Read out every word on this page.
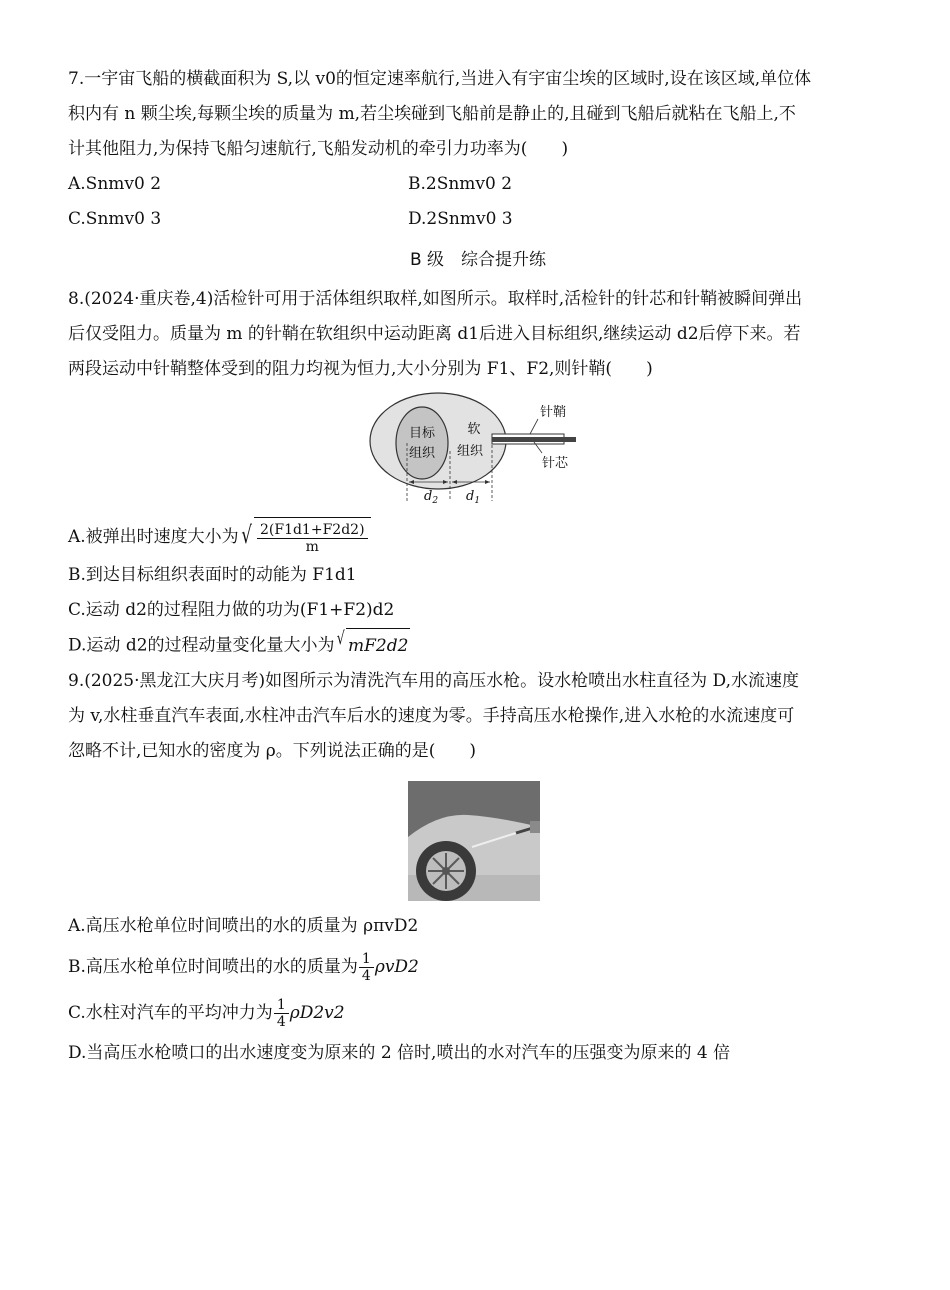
7.一宇宙飞船的横截面积为 S,以 v0的恒定速率航行,当进入有宇宙尘埃的区域时,设在该区域,单位体

积内有 n 颗尘埃,每颗尘埃的质量为 m,若尘埃碰到飞船前是静止的,且碰到飞船后就粘在飞船上,不

计其他阻力,为保持飞船匀速航行,飞船发动机的牵引力功率为(　　)

A.Snmv0 2	B.2Snmv0 2
C.Snmv0 3	D.2Snmv0 3
B 级　综合提升练

8.(2024·重庆卷,4)活检针可用于活体组织取样,如图所示。取样时,活检针的针芯和针鞘被瞬间弹出

后仅受阻力。质量为 m 的针鞘在软组织中运动距离 d1后进入目标组织,继续运动 d2后停下来。若

两段运动中针鞘整体受到的阻力均视为恒力,大小分别为 F1、F2,则针鞘(　　)

目标
组织
软
组织
针鞘
针芯
$d_2$ $d_1$

A.被弹出时速度大小为 √ $\frac{2(F1d1+F2d2)}{m}$

B.到达目标组织表面时的动能为 F1d1

C.运动 d2的过程阻力做的功为(F1+F2)d2

D.运动 d2的过程动量变化量大小为 √ mF2d2

9.(2025·黑龙江大庆月考)如图所示为清洗汽车用的高压水枪。设水枪喷出水柱直径为 D,水流速度

为 v,水柱垂直汽车表面,水柱冲击汽车后水的速度为零。手持高压水枪操作,进入水枪的水流速度可

忽略不计,已知水的密度为 ρ。下列说法正确的是(　　)

A.高压水枪单位时间喷出的水的质量为 ρπvD2

B.高压水枪单位时间喷出的水的质量为 $\frac{1}{4} \rho vD2$

C.水柱对汽车的平均冲力为 $\frac{1}{4} \rho D2v2$

D.当高压水枪喷口的出水速度变为原来的 2 倍时,喷出的水对汽车的压强变为原来的 4 倍
